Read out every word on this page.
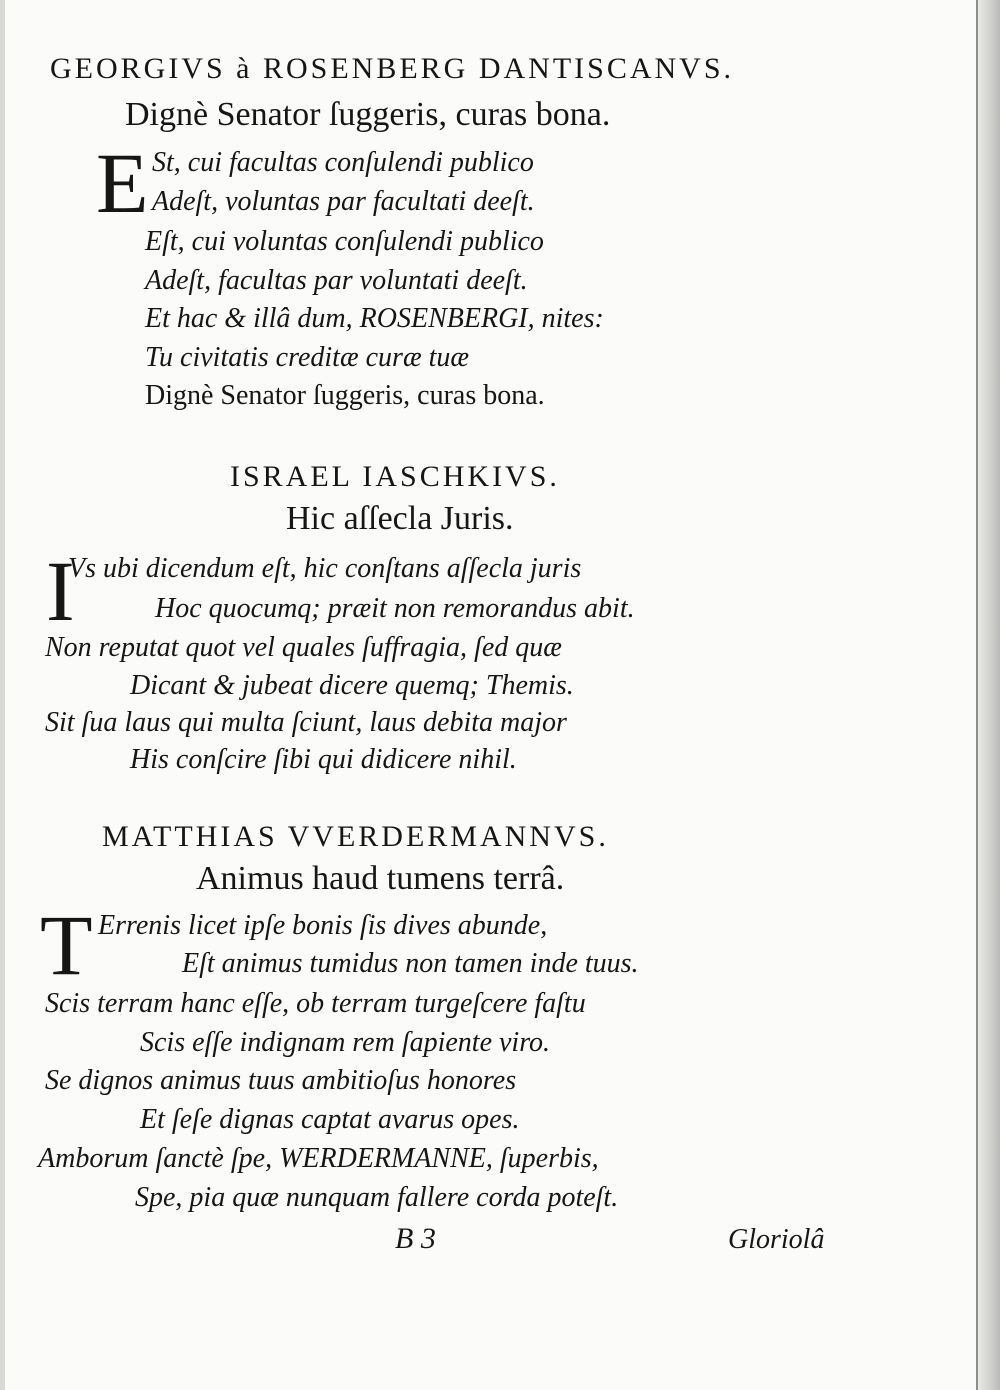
GEORGIVS à ROSENBERG DANTISCANVS.
Dignè Senator ſuggeris, curas bona.
E St, cui facultas conſulendi publico
Adeſt, voluntas par facultati deeſt.
Eſt, cui voluntas conſulendi publico
Adeſt, facultas par voluntati deeſt.
Et hac & illâ dum, ROSENBERGI, nites:
Tu civitatis creditæ curæ tuæ
Dignè Senator ſuggeris, curas bona.
ISRAEL IASCHKIVS.
Hic aſſecla Juris.
I
Vs ubi dicendum eſt, hic conſtans aſſecla juris
Hoc quocumq; præit non remorandus abit.
Non reputat quot vel quales ſuffragia, ſed quæ
Dicant & jubeat dicere quemq; Themis.
Sit ſua laus qui multa ſciunt, laus debita major
His conſcire ſibi qui didicere nihil.
MATTHIAS VVERDERMANNVS.
Animus haud tumens terrâ.
T Errenis licet ipſe bonis ſis dives abunde,
Eſt animus tumidus non tamen inde tuus.
Scis terram hanc eſſe, ob terram turgeſcere faſtu
Scis eſſe indignam rem ſapiente viro.
Se dignos animus tuus ambitioſus honores
Et ſeſe dignas captat avarus opes.
Amborum ſanctè ſpe, WERDERMANNE, ſuperbis,
Spe, pia quæ nunquam fallere corda poteſt.
B 3	Gloriolâ
